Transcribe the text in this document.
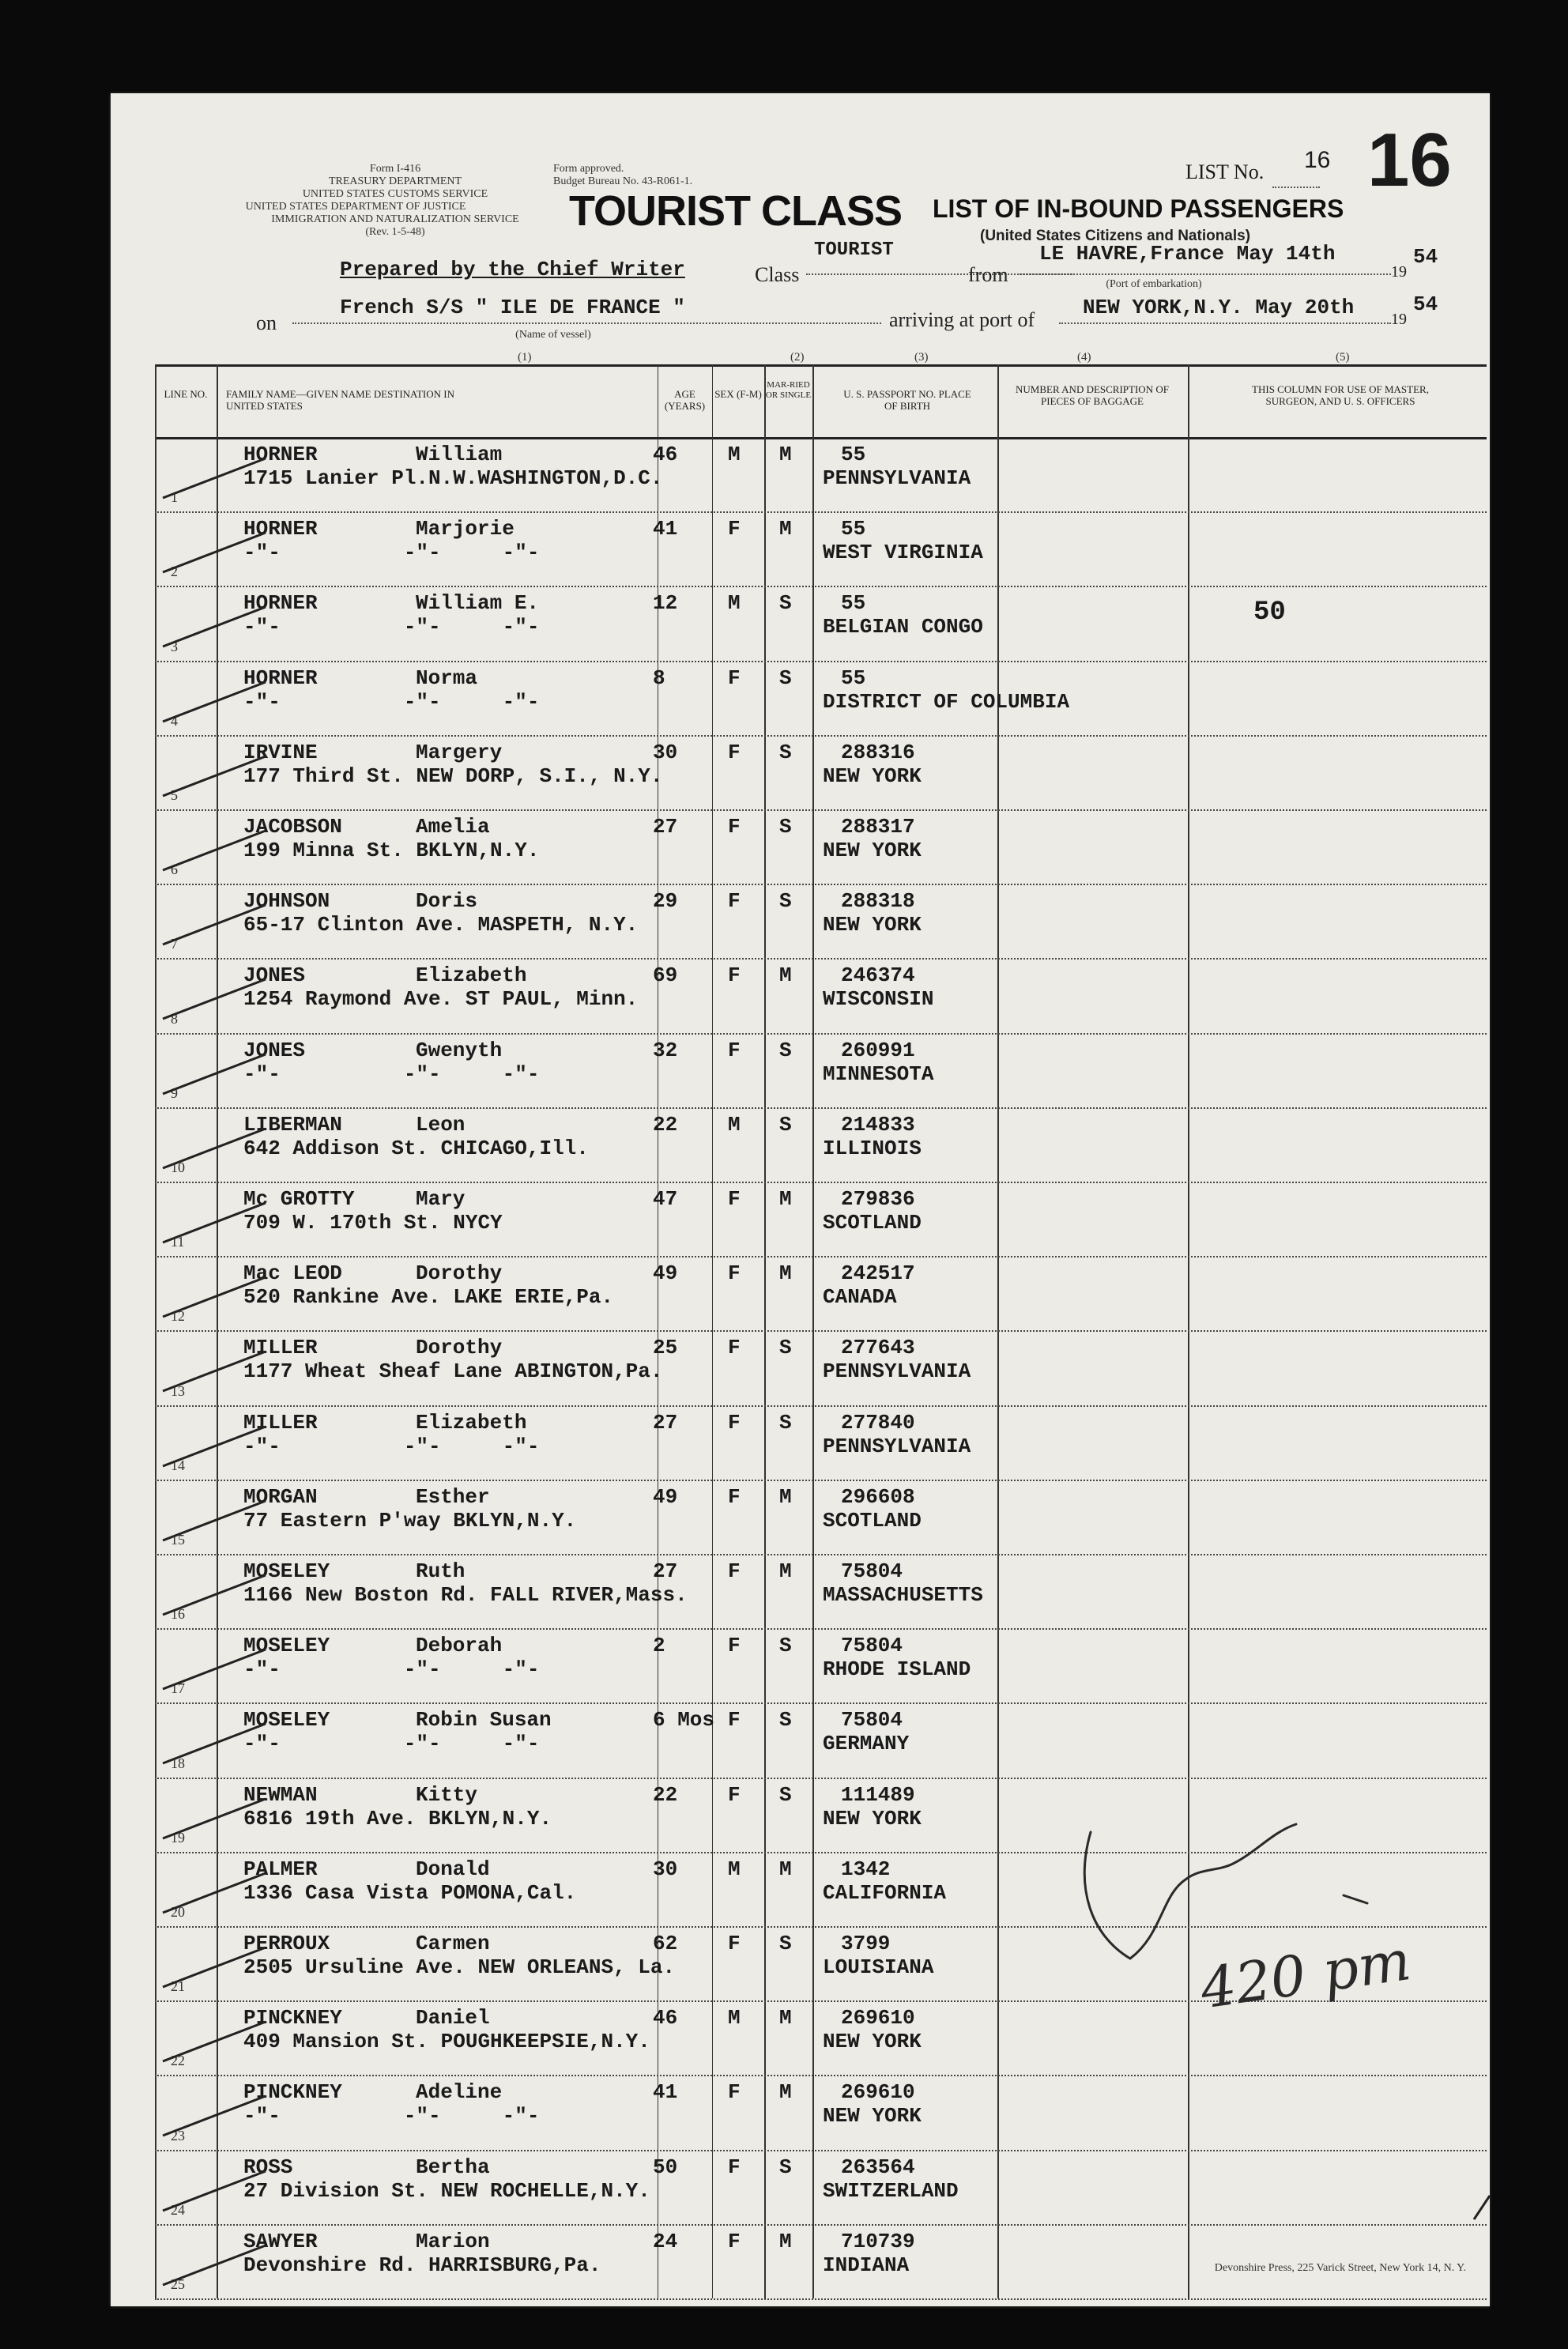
Form I-416
TREASURY DEPARTMENT
UNITED STATES CUSTOMS SERVICE
UNITED STATES DEPARTMENT OF JUSTICE
IMMIGRATION AND NATURALIZATION SERVICE
(Rev. 1-5-48)
Form approved.
Budget Bureau No. 43-R061-1.
TOURIST CLASS LIST OF IN-BOUND PASSENGERS
(United States Citizens and Nationals)
LIST No. 16 16
Prepared by the Chief Writer	Class
TOURIST
from
LE HAVRE,France May 14th
19
54
(Port of embarkation)
on
French S/S " ILE DE FRANCE "
(Name of vessel)
arriving at port of
NEW YORK,N.Y. May 20th 19
54
(1)	(2)	(3)	(4)	(5)
LINE NO.	FAMILY NAME—GIVEN NAME DESTINATION IN UNITED STATES
AGE (YEARS)
SEX (F-M)
MAR-RIED OR SINGLE	U. S. PASSPORT NO. PLACE OF BIRTH
NUMBER AND DESCRIPTION OF PIECES OF BAGGAGE
THIS COLUMN FOR USE OF MASTER, SURGEON, AND U. S. OFFICERS
1
HORNER	William	46 M M 55
1715 Lanier Pl.N.W.WASHINGTON,D.C.	PENNSYLVANIA
2
HORNER	Marjorie	41 F M 55
-"-          -"-     -"-	WEST VIRGINIA
3
HORNER	William E.	12 M S 55
-"-          -"-     -"-	BELGIAN CONGO
4
HORNER	Norma	8	F S 55
-"-          -"-     -"-	DISTRICT OF COLUMBIA
5
IRVINE	Margery	30 F S 288316
177 Third St. NEW DORP, S.I., N.Y.	NEW YORK
6
JACOBSON	Amelia	27 F S 288317
199 Minna St. BKLYN,N.Y.	NEW YORK
7
JOHNSON	Doris	29 F S 288318
65-17 Clinton Ave. MASPETH, N.Y.	NEW YORK
8
JONES	Elizabeth	69 F M 246374
1254 Raymond Ave. ST PAUL, Minn.	WISCONSIN
9
JONES	Gwenyth	32 F S 260991
-"-          -"-     -"-	MINNESOTA
10
LIBERMAN	Leon	22 M S 214833
642 Addison St. CHICAGO,Ill.	ILLINOIS
11
Mc GROTTY	Mary	47 F M 279836
709 W. 170th St. NYCY	SCOTLAND
12
Mac LEOD	Dorothy	49 F M 242517
520 Rankine Ave. LAKE ERIE,Pa.	CANADA
13
MILLER	Dorothy	25 F S 277643
1177 Wheat Sheaf Lane ABINGTON,Pa.	PENNSYLVANIA
14
MILLER	Elizabeth	27 F S 277840
-"-          -"-     -"-	PENNSYLVANIA
15
MORGAN	Esther	49 F M 296608
77 Eastern P'way BKLYN,N.Y.	SCOTLAND
16
MOSELEY	Ruth	27 F M 75804
1166 New Boston Rd. FALL RIVER,Mass.	MASSACHUSETTS
17
MOSELEY	Deborah	2	F S 75804
-"-          -"-     -"-	RHODE ISLAND
18
MOSELEY	Robin Susan	6 Mos F S 75804
-"-          -"-     -"-	GERMANY
19
NEWMAN	Kitty	22 F S 111489
6816 19th Ave. BKLYN,N.Y.	NEW YORK
20
PALMER	Donald	30 M M 1342
1336 Casa Vista POMONA,Cal.	CALIFORNIA
21
PERROUX	Carmen	62 F S 3799
2505 Ursuline Ave. NEW ORLEANS, La.	LOUISIANA
22
PINCKNEY	Daniel	46 M M 269610
409 Mansion St. POUGHKEEPSIE,N.Y.	NEW YORK
23
PINCKNEY	Adeline	41 F M 269610
-"-          -"-     -"-	NEW YORK
24
ROSS	Bertha	50 F S 263564
27 Division St. NEW ROCHELLE,N.Y.	SWITZERLAND
25
SAWYER	Marion	24 F M 710739
Devonshire Rd. HARRISBURG,Pa.	INDIANA
50
Devonshire Press, 225 Varick Street, New York 14, N. Y.
420 pm
